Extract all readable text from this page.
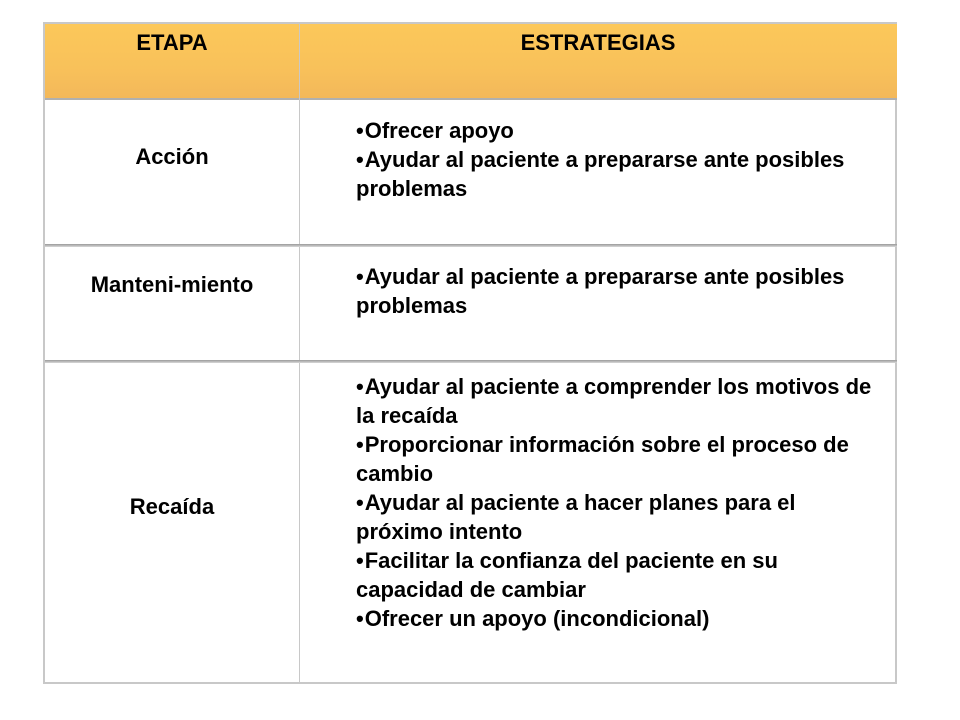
ETAPA	ESTRATEGIAS
Acción
•Ofrecer apoyo
•Ayudar al paciente a prepararse ante posibles problemas
Manteni-miento	•Ayudar al paciente a prepararse ante posibles problemas
Recaída
•Ayudar al paciente a comprender los motivos de la recaída
•Proporcionar información sobre el proceso de cambio
•Ayudar al paciente a hacer planes para el próximo intento
•Facilitar la confianza del paciente en su capacidad de cambiar
•Ofrecer un apoyo (incondicional)
